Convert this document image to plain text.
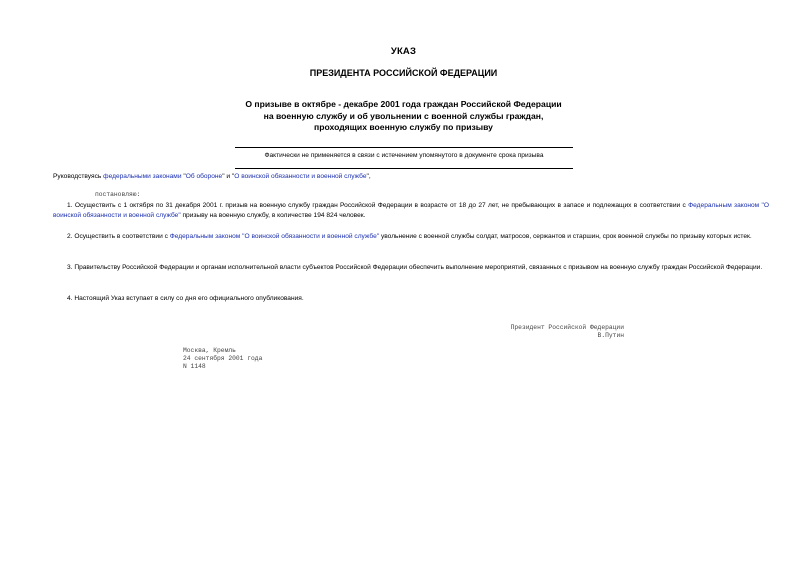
УКАЗ
ПРЕЗИДЕНТА РОССИЙСКОЙ ФЕДЕРАЦИИ
О призыве в октябре - декабре 2001 года граждан Российской Федерации
на военную службу и об увольнении с военной службы граждан,
проходящих военную службу по призыву
Фактически не применяется в связи с истечением упомянутого в документе срока призыва
Руководствуясь федеральными законами "Об обороне" и "О воинской обязанности и военной службе",
постановляю:
1. Осуществить с 1 октября по 31 декабря 2001 г. призыв на военную службу граждан Российской Федерации в возрасте от 18 до 27 лет, не пребывающих в запасе и подлежащих в соответствии с Федеральным законом "О воинской обязанности и военной службе" призыву на военную службу, в количестве 194 824 человек.
2. Осуществить в соответствии с Федеральным законом "О воинской обязанности и военной службе" увольнение с военной службы солдат, матросов, сержантов и старшин, срок военной службы по призыву которых истек.
3. Правительству Российской Федерации и органам исполнительной власти субъектов Российской Федерации обеспечить выполнение мероприятий, связанных с призывом на военную службу граждан Российской Федерации.
4. Настоящий Указ вступает в силу со дня его официального опубликования.
Президент Российской Федерации
В.Путин
Москва, Кремль
24 сентября 2001 года
N 1148
